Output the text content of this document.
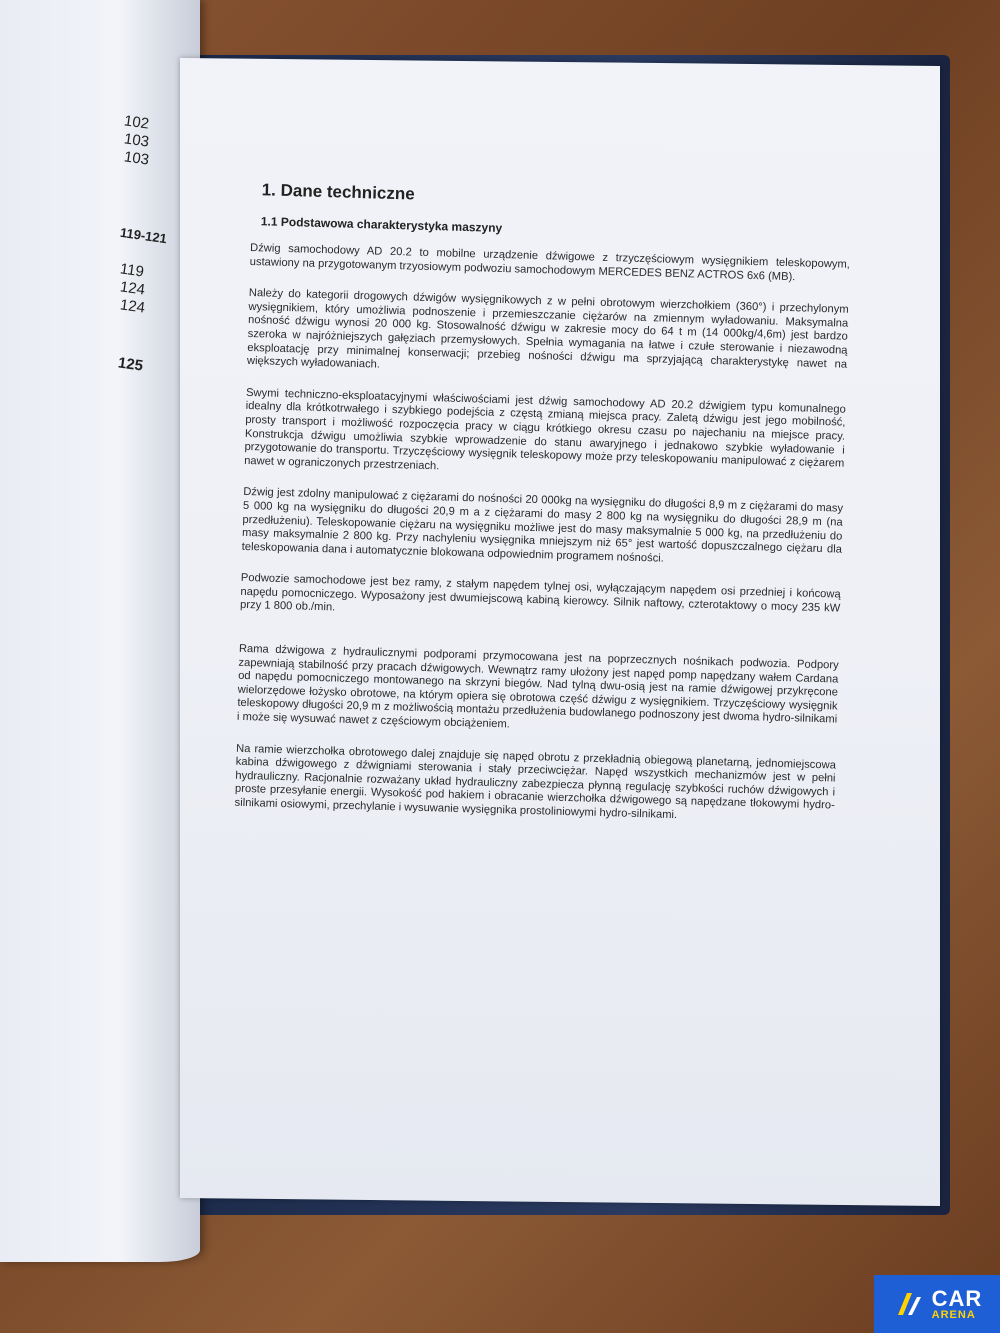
102
103
103
119-121
119
124
124
125
1. Dane techniczne
1.1 Podstawowa charakterystyka maszyny

Dźwig samochodowy AD 20.2 to mobilne urządzenie dźwigowe z trzyczęściowym wysięgnikiem teleskopowym, ustawiony na przygotowanym trzyosiowym podwoziu samochodowym MERCEDES BENZ ACTROS 6x6 (MB).

Należy do kategorii drogowych dźwigów wysięgnikowych z w pełni obrotowym wierzchołkiem (360°) i przechylonym wysięgnikiem, który umożliwia podnoszenie i przemieszczanie ciężarów na zmiennym wyładowaniu. Maksymalna nośność dźwigu wynosi 20 000 kg. Stosowalność dźwigu w zakresie mocy do 64 t m (14 000kg/4,6m) jest bardzo szeroka w najróżniejszych gałęziach przemysłowych. Spełnia wymagania na łatwe i czułe sterowanie i niezawodną eksploatację przy minimalnej konserwacji; przebieg nośności dźwigu ma sprzyjającą charakterystykę nawet na większych wyładowaniach.

Swymi techniczno-eksploatacyjnymi właściwościami jest dźwig samochodowy AD 20.2 dźwigiem typu komunalnego idealny dla krótkotrwałego i szybkiego podejścia z częstą zmianą miejsca pracy. Zaletą dźwigu jest jego mobilność, prosty transport i możliwość rozpoczęcia pracy w ciągu krótkiego okresu czasu po najechaniu na miejsce pracy. Konstrukcja dźwigu umożliwia szybkie wprowadzenie do stanu awaryjnego i jednakowo szybkie wyładowanie i przygotowanie do transportu. Trzyczęściowy wysięgnik teleskopowy może przy teleskopowaniu manipulować z ciężarem nawet w ograniczonych przestrzeniach.

Dźwig jest zdolny manipulować z ciężarami do nośności 20 000kg na wysięgniku do długości 8,9 m z ciężarami do masy 5 000 kg na wysięgniku do długości 20,9 m a z ciężarami do masy 2 800 kg na wysięgniku do długości 28,9 m (na przedłużeniu). Teleskopowanie ciężaru na wysięgniku możliwe jest do masy maksymalnie 5 000 kg, na przedłużeniu do masy maksymalnie 2 800 kg. Przy nachyleniu wysięgnika mniejszym niż 65° jest wartość dopuszczalnego ciężaru dla teleskopowania dana i automatycznie blokowana odpowiednim programem nośności.

Podwozie samochodowe jest bez ramy, z stałym napędem tylnej osi, wyłączającym napędem osi przedniej i końcową napędu pomocniczego. Wyposażony jest dwumiejscową kabiną kierowcy. Silnik naftowy, czterotaktowy o mocy 235 kW przy 1 800 ob./min.

Rama dźwigowa z hydraulicznymi podporami przymocowana jest na poprzecznych nośnikach podwozia. Podpory zapewniają stabilność przy pracach dźwigowych. Wewnątrz ramy ułożony jest napęd pomp napędzany wałem Cardana od napędu pomocniczego montowanego na skrzyni biegów. Nad tylną dwu-osią jest na ramie dźwigowej przykręcone wielorzędowe łożysko obrotowe, na którym opiera się obrotowa część dźwigu z wysięgnikiem. Trzyczęściowy wysięgnik teleskopowy długości 20,9 m z możliwością montażu przedłużenia budowlanego podnoszony jest dwoma hydro-silnikami i może się wysuwać nawet z częściowym obciążeniem.

Na ramie wierzchołka obrotowego dalej znajduje się napęd obrotu z przekładnią obiegową planetarną, jednomiejscowa kabina dźwigowego z dźwigniami sterowania i stały przeciwciężar. Napęd wszystkich mechanizmów jest w pełni hydrauliczny. Racjonalnie rozważany układ hydrauliczny zabezpiecza płynną regulację szybkości ruchów dźwigowych i proste przesyłanie energii. Wysokość pod hakiem i obracanie wierzchołka dźwigowego są napędzane tłokowymi hydro-silnikami osiowymi, przechylanie i wysuwanie wysięgnika prostoliniowymi hydro-silnikami.

CAR
ARENA
